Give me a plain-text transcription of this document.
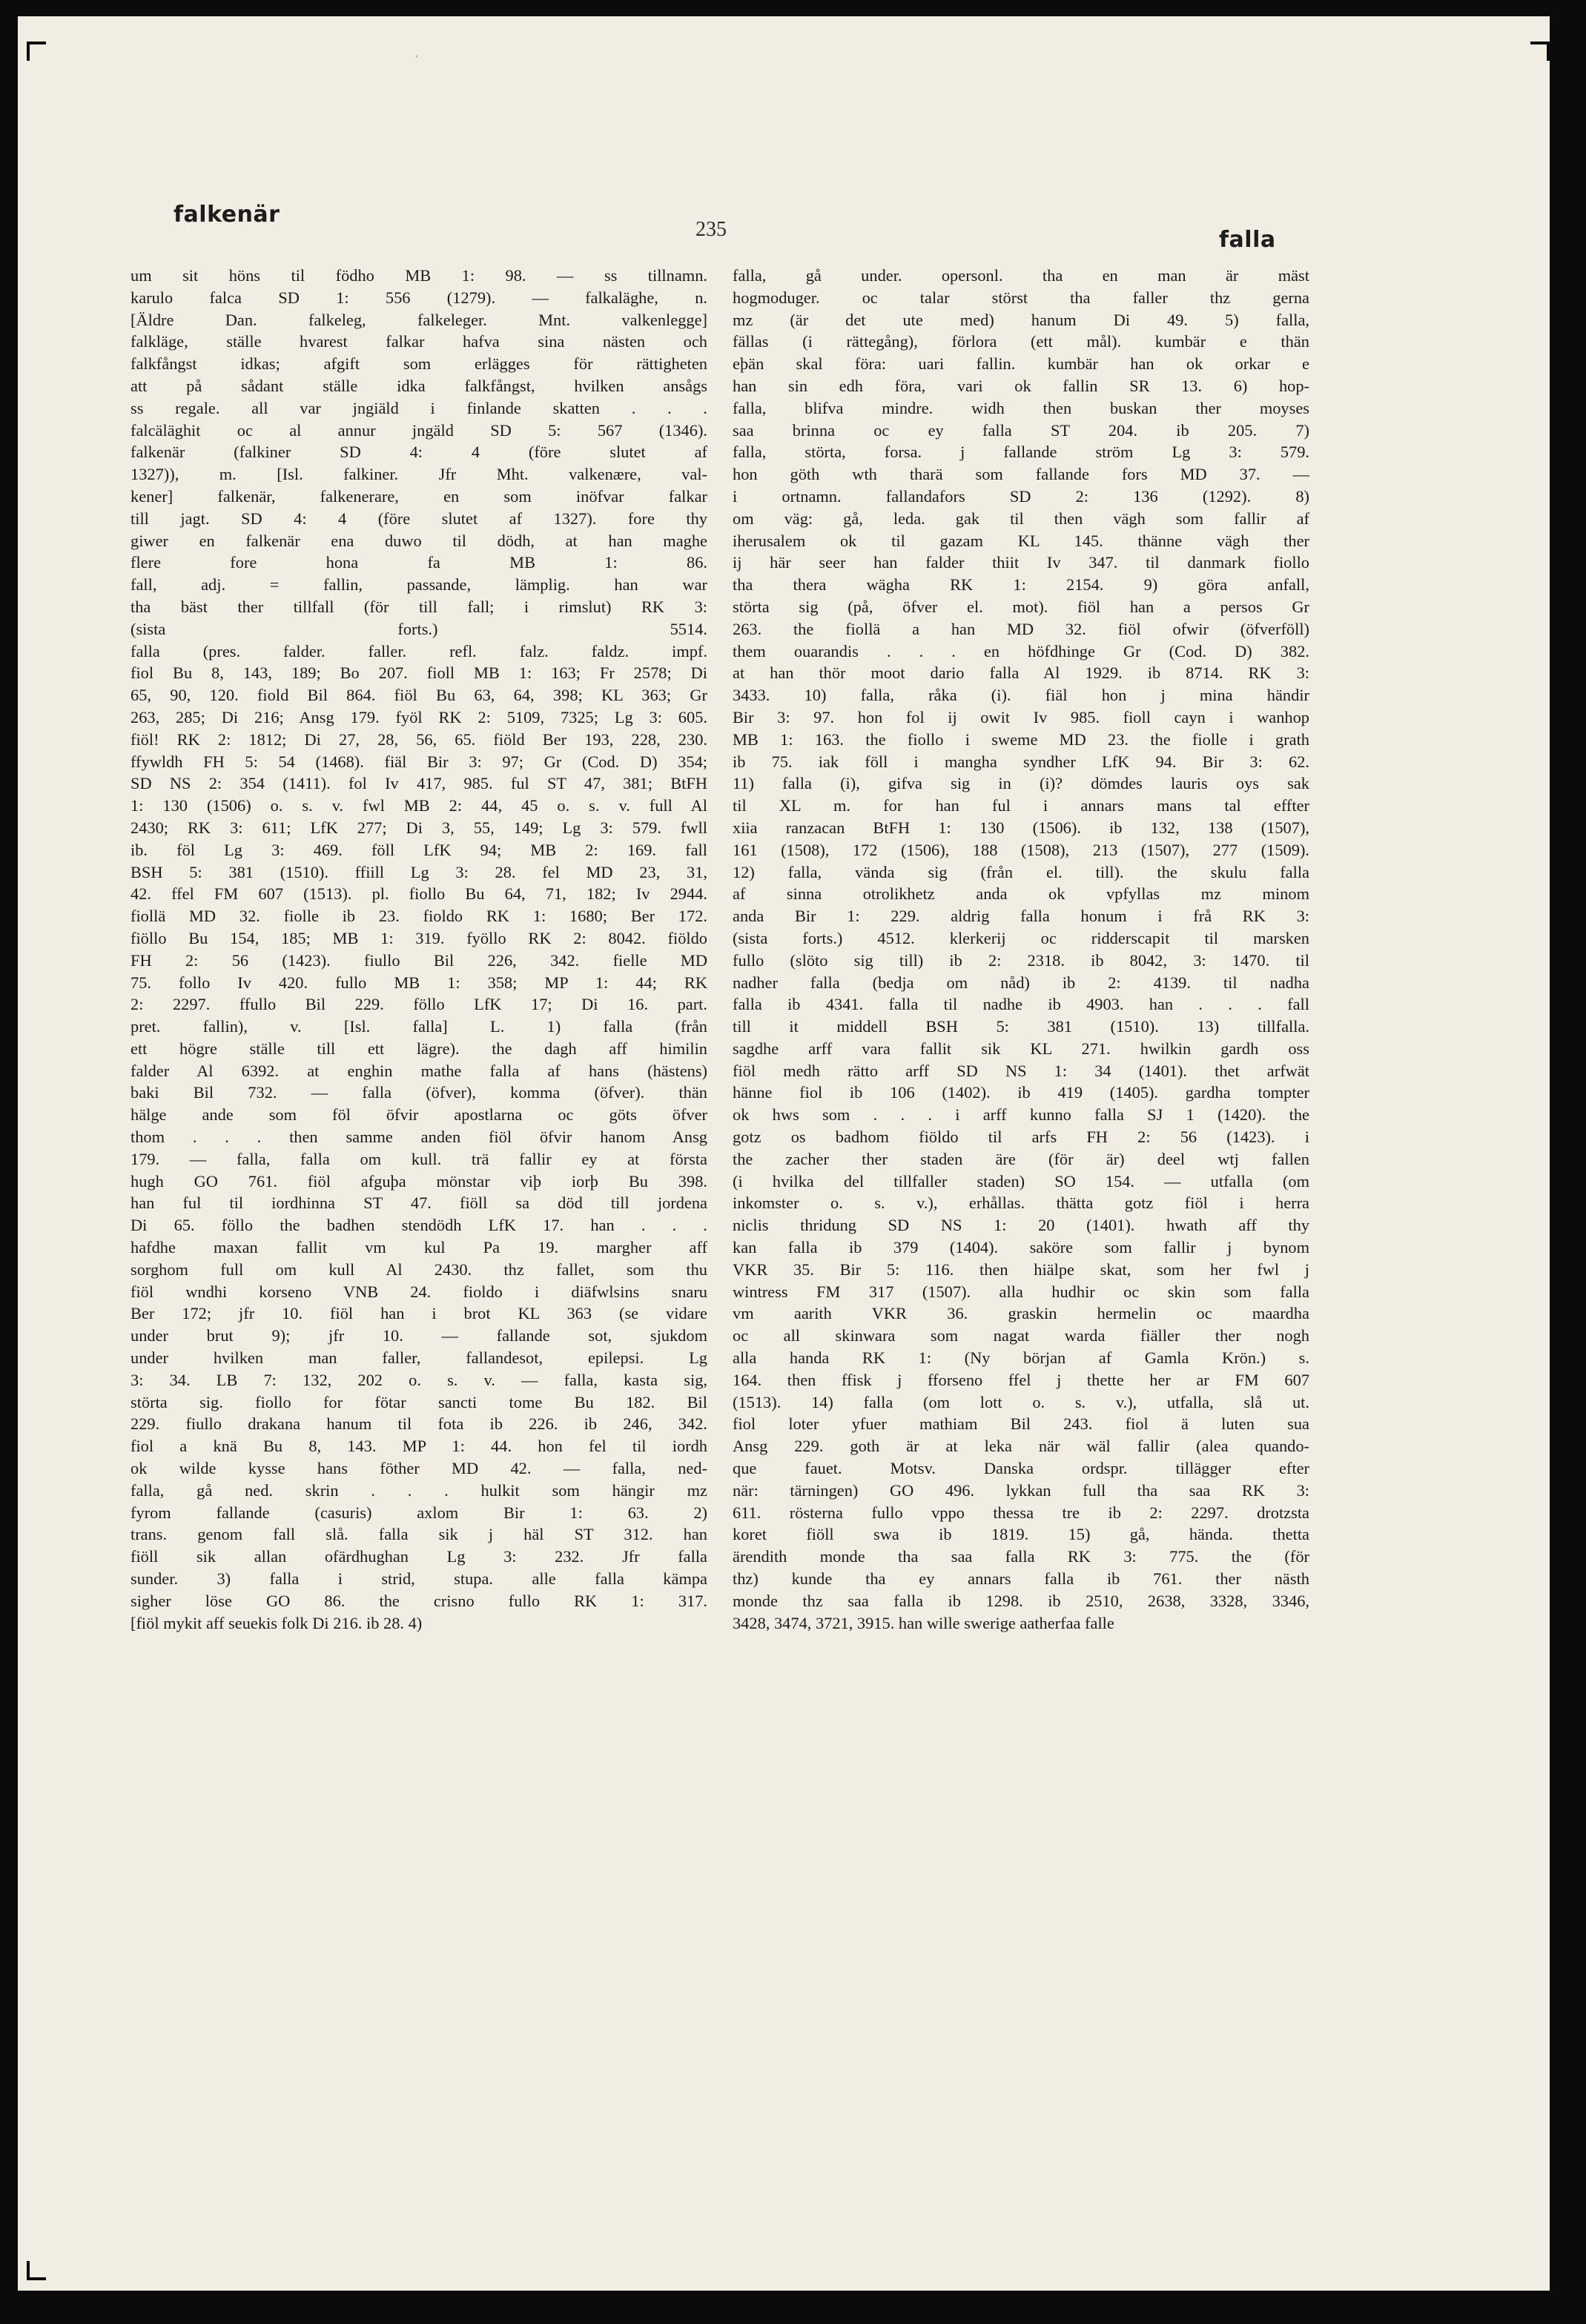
ʹ
falkenär
235	falla
um sit höns til födho MB 1: 98. — ss tillnamn.
karulo falca SD 1: 556 (1279). — falkaläghe, n.
[Äldre Dan. falkeleg, falkeleger. Mnt. valkenlegge]
falkläge, ställe hvarest falkar hafva sina nästen och
falkfångst idkas; afgift som erlägges för rättigheten
att på sådant ställe idka falkfångst, hvilken ansågs
ss regale. all var jngiäld i finlande skatten . . .
falcäläghit oc al annur jngäld SD 5: 567 (1346).
falkenär (falkiner SD 4: 4 (före slutet af
1327)), m. [Isl. falkiner. Jfr Mht. valkenære, val-
kener] falkenär, falkenerare, en som inöfvar falkar
till jagt. SD 4: 4 (före slutet af 1327). fore thy
giwer en falkenär ena duwo til dödh, at han maghe
flere fore hona fa MB 1: 86.
fall, adj. = fallin, passande, lämplig. han war
tha bäst ther tillfall (för till fall; i rimslut) RK 3:
(sista forts.) 5514.
falla (pres. falder. faller. refl. falz. faldz. impf.
fiol Bu 8, 143, 189; Bo 207. fioll MB 1: 163; Fr 2578; Di
65, 90, 120. fiold Bil 864. fiöl Bu 63, 64, 398; KL 363; Gr
263, 285; Di 216; Ansg 179. fyöl RK 2: 5109, 7325; Lg 3: 605.
fiöl! RK 2: 1812; Di 27, 28, 56, 65. fiöld Ber 193, 228, 230.
ffywldh FH 5: 54 (1468). fiäl Bir 3: 97; Gr (Cod. D) 354;
SD NS 2: 354 (1411). fol Iv 417, 985. ful ST 47, 381; BtFH
1: 130 (1506) o. s. v. fwl MB 2: 44, 45 o. s. v. full Al
2430; RK 3: 611; LfK 277; Di 3, 55, 149; Lg 3: 579. fwll
ib. föl Lg 3: 469. föll LfK 94; MB 2: 169. fall
BSH 5: 381 (1510). ffiill Lg 3: 28. fel MD 23, 31,
42. ffel FM 607 (1513). pl. fiollo Bu 64, 71, 182; Iv 2944.
fiollä MD 32. fiolle ib 23. fioldo RK 1: 1680; Ber 172.
fiöllo Bu 154, 185; MB 1: 319. fyöllo RK 2: 8042. fiöldo
FH 2: 56 (1423). fiullo Bil 226, 342. fielle MD
75. follo Iv 420. fullo MB 1: 358; MP 1: 44; RK
2: 2297. ffullo Bil 229. föllo LfK 17; Di 16. part.
pret. fallin), v. [Isl. falla] L. 1) falla (från
ett högre ställe till ett lägre). the dagh aff himilin
falder Al 6392. at enghin mathe falla af hans (hästens)
baki Bil 732. — falla (öfver), komma (öfver). thän
hälge ande som föl öfvir apostlarna oc göts öfver
thom . . . then samme anden fiöl öfvir hanom Ansg
179. — falla, falla om kull. trä fallir ey at första
hugh GO 761. fiöl afguþa mönstar viþ iorþ Bu 398.
han ful til iordhinna ST 47. fiöll sa död till jordena
Di 65. föllo the badhen stendödh LfK 17. han . . .
hafdhe maxan fallit vm kul Pa 19. margher aff
sorghom full om kull Al 2430. thz fallet, som thu
fiöl wndhi korseno VNB 24. fioldo i diäfwlsins snaru
Ber 172; jfr 10. fiöl han i brot KL 363 (se vidare
under brut 9); jfr 10. — fallande sot, sjukdom
under hvilken man faller, fallandesot, epilepsi. Lg
3: 34. LB 7: 132, 202 o. s. v. — falla, kasta sig,
störta sig. fiollo for fötar sancti tome Bu 182. Bil
229. fiullo drakana hanum til fota ib 226. ib 246, 342.
fiol a knä Bu 8, 143. MP 1: 44. hon fel til iordh
ok wilde kysse hans föther MD 42. — falla, ned-
falla, gå ned. skrin . . . hulkit som hängir mz
fyrom fallande (casuris) axlom Bir 1: 63. 2)
trans. genom fall slå. falla sik j häl ST 312. han
fiöll sik allan ofärdhughan Lg 3: 232. Jfr falla
sunder. 3) falla i strid, stupa. alle falla kämpa
sigher löse GO 86. the crisno fullo RK 1: 317.
[fiöl mykit aff seuekis folk Di 216. ib 28. 4)
falla, gå under. opersonl. tha en man är mäst
hogmoduger. oc talar störst tha faller thz gerna
mz (är det ute med) hanum Di 49. 5) falla,
fällas (i rättegång), förlora (ett mål). kumbär e thän
eþän skal föra: uari fallin. kumbär han ok orkar e
han sin edh föra, vari ok fallin SR 13. 6) hop-
falla, blifva mindre. widh then buskan ther moyses
saa brinna oc ey falla ST 204. ib 205. 7)
falla, störta, forsa. j fallande ström Lg 3: 579.
hon göth wth tharä som fallande fors MD 37. —
i ortnamn. fallandafors SD 2: 136 (1292). 8)
om väg: gå, leda. gak til then vägh som fallir af
iherusalem ok til gazam KL 145. thänne vägh ther
ij här seer han falder thiit Iv 347. til danmark fiollo
tha thera wägha RK 1: 2154. 9) göra anfall,
störta sig (på, öfver el. mot). fiöl han a persos Gr
263. the fiollä a han MD 32. fiöl ofwir (öfverföll)
them ouarandis . . . en höfdhinge Gr (Cod. D) 382.
at han thör moot dario falla Al 1929. ib 8714. RK 3:
3433. 10) falla, råka (i). fiäl hon j mina händir
Bir 3: 97. hon fol ij owit Iv 985. fioll cayn i wanhop
MB 1: 163. the fiollo i sweme MD 23. the fiolle i grath
ib 75. iak föll i mangha syndher LfK 94. Bir 3: 62.
11) falla (i), gifva sig in (i)? dömdes lauris oys sak
til XL m. for han ful i annars mans tal effter
xiia ranzacan BtFH 1: 130 (1506). ib 132, 138 (1507),
161 (1508), 172 (1506), 188 (1508), 213 (1507), 277 (1509).
12) falla, vända sig (från el. till). the skulu falla
af sinna otrolikhetz anda ok vpfyllas mz minom
anda Bir 1: 229. aldrig falla honum i frå RK 3:
(sista forts.) 4512. klerkerij oc ridderscapit til marsken
fullo (slöto sig till) ib 2: 2318. ib 8042, 3: 1470. til
nadher falla (bedja om nåd) ib 2: 4139. til nadha
falla ib 4341. falla til nadhe ib 4903. han . . . fall
till it middell BSH 5: 381 (1510). 13) tillfalla.
sagdhe arff vara fallit sik KL 271. hwilkin gardh oss
fiöl medh rätto arff SD NS 1: 34 (1401). thet arfwät
hänne fiol ib 106 (1402). ib 419 (1405). gardha tompter
ok hws som . . . i arff kunno falla SJ 1 (1420). the
gotz os badhom fiöldo til arfs FH 2: 56 (1423). i
the zacher ther staden äre (för är) deel wtj fallen
(i hvilka del tillfaller staden) SO 154. — utfalla (om
inkomster o. s. v.), erhållas. thätta gotz fiöl i herra
niclis thridung SD NS 1: 20 (1401). hwath aff thy
kan falla ib 379 (1404). saköre som fallir j bynom
VKR 35. Bir 5: 116. then hiälpe skat, som her fwl j
wintress FM 317 (1507). alla hudhir oc skin som falla
vm aarith VKR 36. graskin hermelin oc maardha
oc all skinwara som nagat warda fiäller ther nogh
alla handa RK 1: (Ny början af Gamla Krön.) s.
164. then ffisk j fforseno ffel j thette her ar FM 607
(1513). 14) falla (om lott o. s. v.), utfalla, slå ut.
fiol loter yfuer mathiam Bil 243. fiol ä luten sua
Ansg 229. goth är at leka när wäl fallir (alea quando-
que fauet. Motsv. Danska ordspr. tillägger efter
när: tärningen) GO 496. lykkan full tha saa RK 3:
611. rösterna fullo vppo thessa tre ib 2: 2297. drotzsta
koret fiöll swa ib 1819. 15) gå, hända. thetta
ärendith monde tha saa falla RK 3: 775. the (för
thz) kunde tha ey annars falla ib 761. ther nästh
monde thz saa falla ib 1298. ib 2510, 2638, 3328, 3346,
3428, 3474, 3721, 3915. han wille swerige aatherfaa falle
